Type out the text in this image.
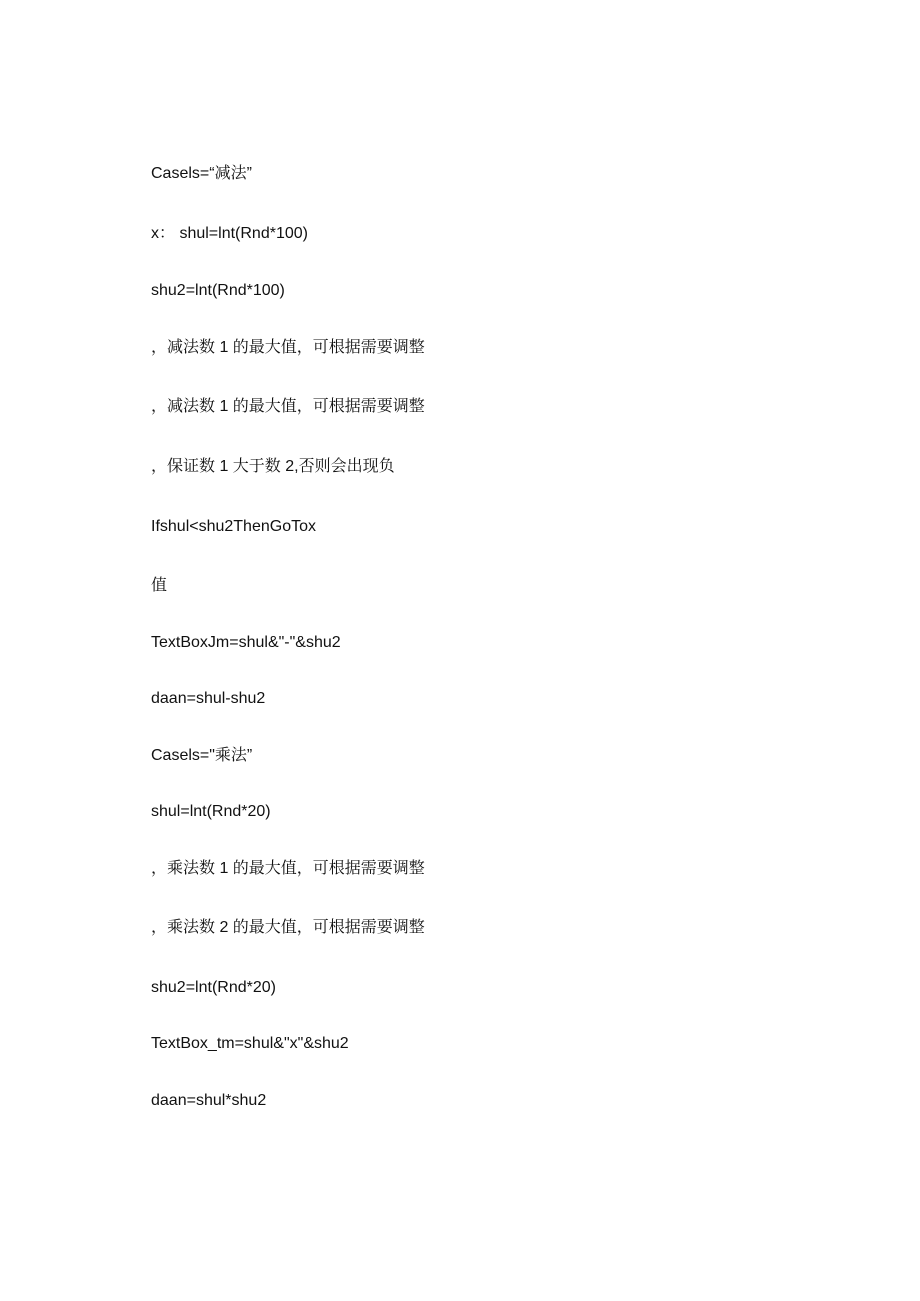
Casels=“减法”
x： shul=lnt(Rnd*100)
shu2=lnt(Rnd*100)
，减法数 1 的最大值，可根据需要调整
，减法数 1 的最大值，可根据需要调整
，保证数 1 大于数 2,否则会出现负
Ifshul<shu2ThenGoTox
值
TextBoxJm=shul&"-"&shu2
daan=shul-shu2
Casels="乘法”
shul=lnt(Rnd*20)
，乘法数 1 的最大值，可根据需要调整
，乘法数 2 的最大值，可根据需要调整
shu2=lnt(Rnd*20)
TextBox_tm=shul&"x"&shu2
daan=shul*shu2
